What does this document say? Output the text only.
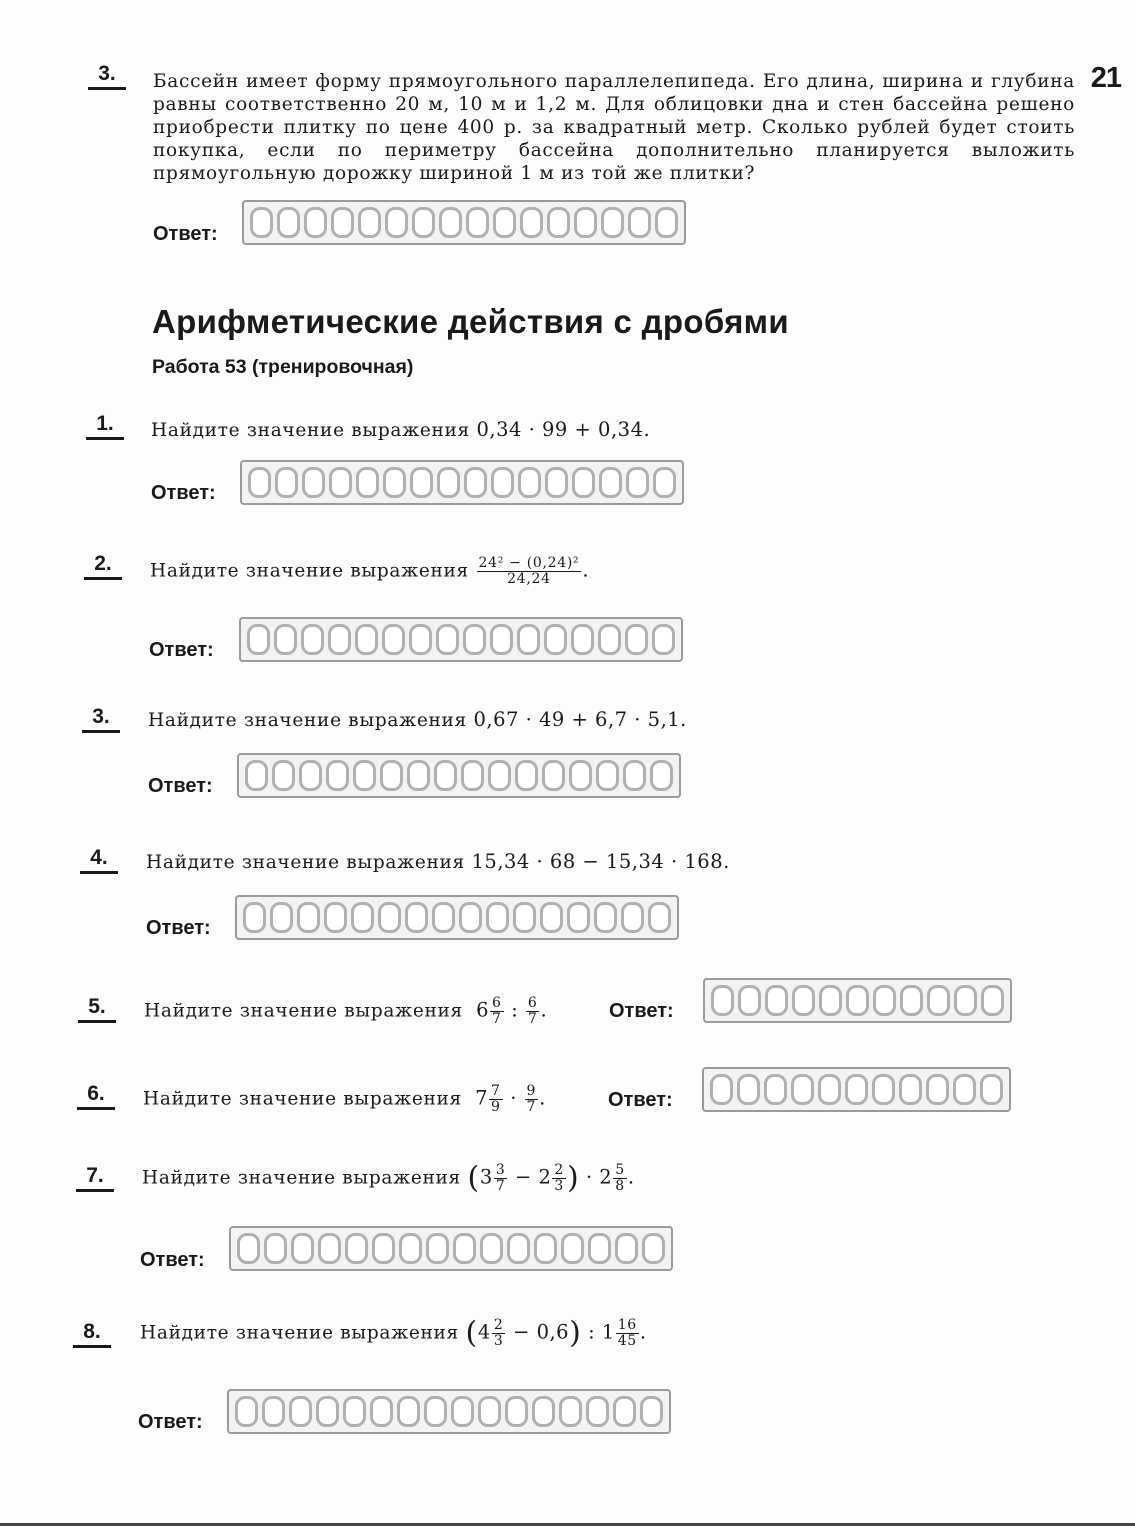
21
3.	Бассейн имеет форму прямоугольного параллелепипеда. Его длина, ширина и глубина равны соответственно 20 м, 10 м и 1,2 м. Для облицовки дна и стен бассейна решено приобрести плитку по цене 400 р. за квадратный метр. Сколько рублей будет стоить покупка, если по периметру бассейна дополнительно планируется выложить прямоугольную дорожку шириной 1 м из той же плитки?
Ответ:
Арифметические действия с дробями
Работа 53 (тренировочная)
1.	Найдите значение выражения 0,34 · 99 + 0,34.
Ответ:
2.	Найдите значение выражения $\frac{\text{24² − (0,24)²}}{24,24}$ .
Ответ:
3.	Найдите значение выражения 0,67 · 49 + 6,7 · 5,1.
Ответ:
4.	Найдите значение выражения 15,34 · 68 − 15,34 · 168.
Ответ:
5.	Найдите значение выражения $6 \frac{6}{7}$ : $\frac{6}{7}$ .	Ответ:
6.	Найдите значение выражения $7 \frac{7}{9} \cdot \frac{9}{7}$ .	Ответ:
7.	Найдите значение выражения ($3 \frac{3}{7} - 2 \frac{2}{3}$ ) · $2 \frac{5}{8}$ .
Ответ:
8.	Найдите значение выражения $(4 \frac{2}{3} - 0,6)$ : $1 \frac{16}{45}$ .
Ответ:
